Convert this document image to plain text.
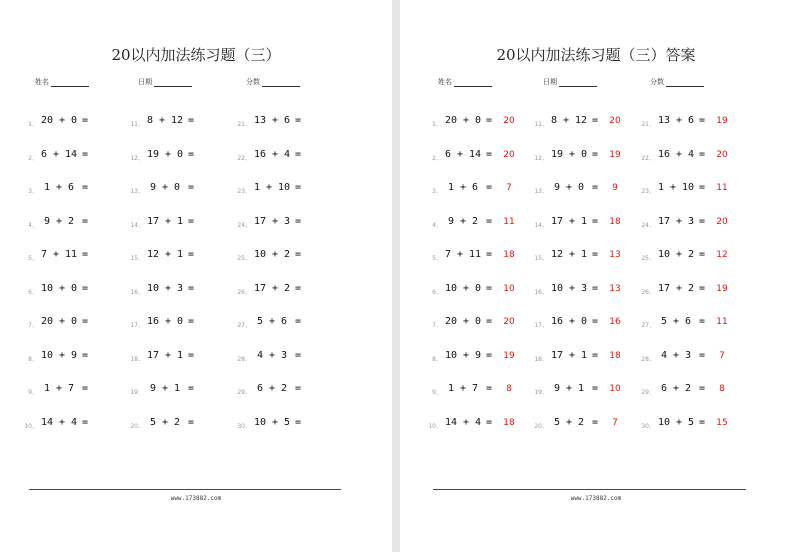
20以内加法练习题（三）
姓名	日期	分数
1、 20 + 0 =
2、 6 + 14 =
3、 1 + 6 =
4、 9 + 2 =
5、 7 + 11 =
6、 10 + 0 =
7、 20 + 0 =
8、 10 + 9 =
9、 1 + 7 =
10、 14 + 4 =
11、 8 + 12 =
12、 19 + 0 =
13、 9 + 0 =
14、 17 + 1 =
15、 12 + 1 =
16、 10 + 3 =
17、 16 + 0 =
18、 17 + 1 =
19、 9 + 1 =
20、 5 + 2 =
21、 13 + 6 =
22、 16 + 4 =
23、 1 + 10 =
24、 17 + 3 =
25、 10 + 2 =
26、 17 + 2 =
27、 5 + 6 =
28、 4 + 3 =
29、 6 + 2 =
30、 10 + 5 =
www.173882.com
20以内加法练习题（三）答案
姓名	日期	分数
1、 20 + 0 =	20
2、 6 + 14 =	20
3、 1 + 6 =	7
4、 9 + 2 =	11
5、 7 + 11 =	18
6、 10 + 0 =	10
7、 20 + 0 =	20
8、 10 + 9 =	19
9、 1 + 7 =	8
10、 14 + 4 =	18
11、 8 + 12 =	20
12、 19 + 0 =	19
13、 9 + 0 =	9
14、 17 + 1 =	18
15、 12 + 1 =	13
16、 10 + 3 =	13
17、 16 + 0 =	16
18、 17 + 1 =	18
19、 9 + 1 =	10
20、 5 + 2 =	7
21、 13 + 6 =	19
22、 16 + 4 =	20
23、 1 + 10 =	11
24、 17 + 3 =	20
25、 10 + 2 =	12
26、 17 + 2 =	19
27、 5 + 6 =	11
28、 4 + 3 =	7
29、 6 + 2 =	8
30、 10 + 5 =	15
www.173882.com
